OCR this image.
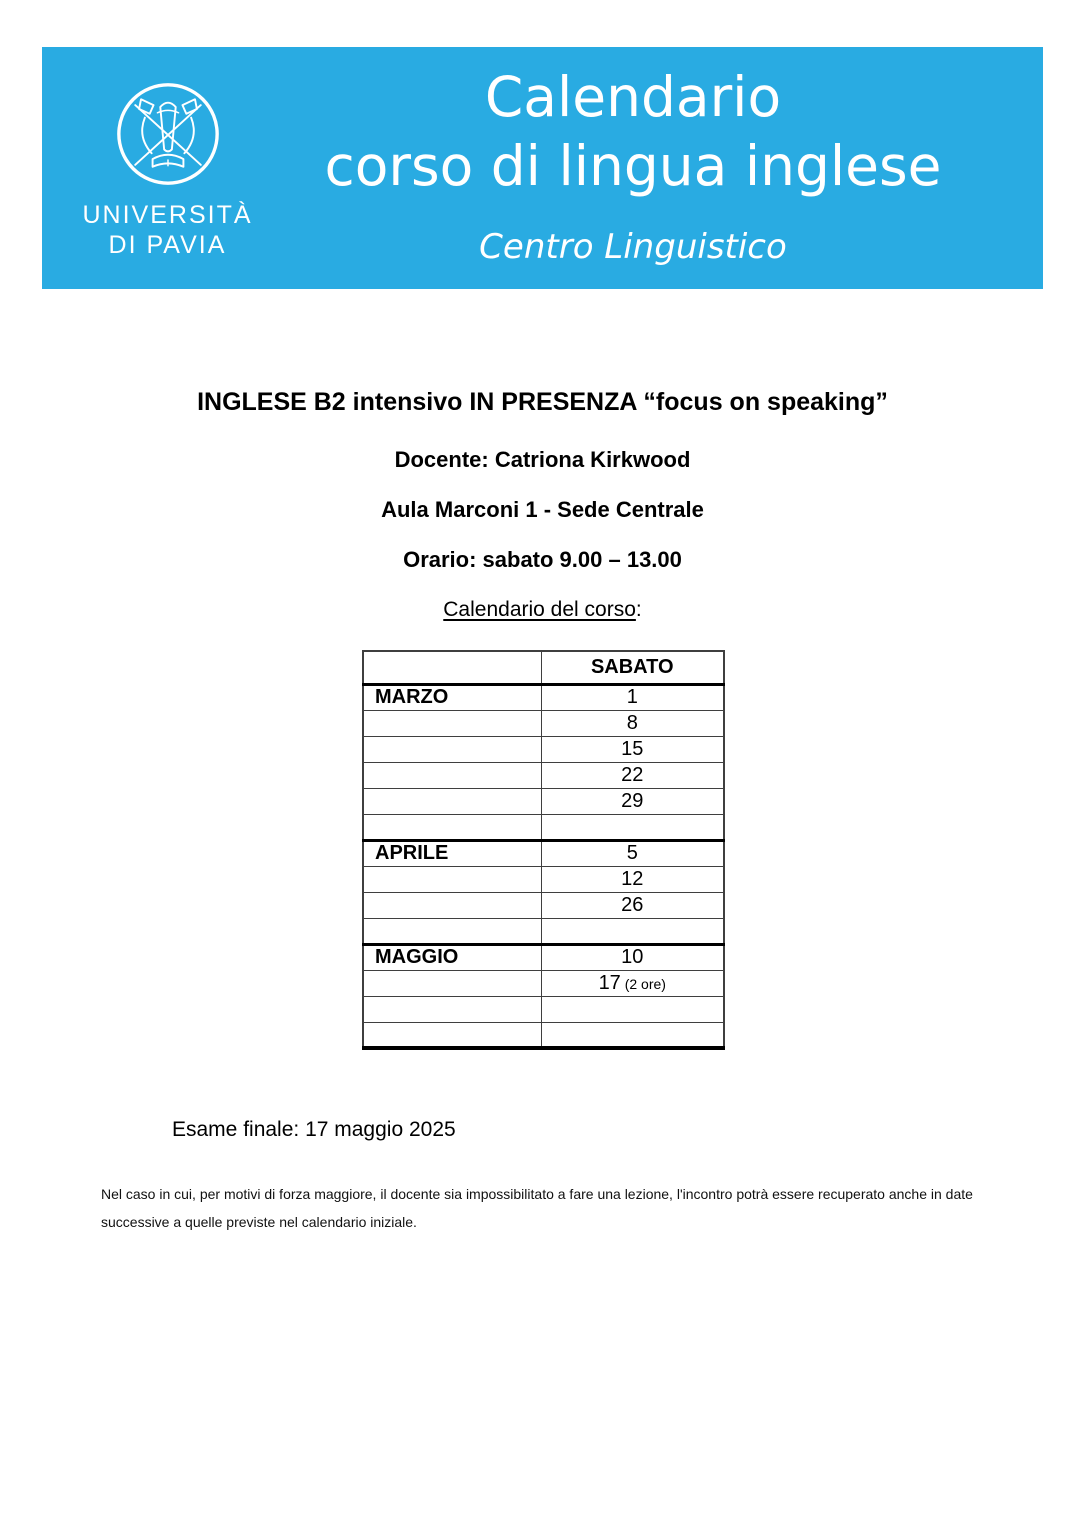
UNIVERSITÀ
DI PAVIA
Calendario
corso di lingua inglese
Centro Linguistico
INGLESE B2 intensivo IN PRESENZA “focus on speaking”
Docente: Catriona Kirkwood
Aula Marconi 1 - Sede Centrale
Orario: sabato 9.00 – 13.00
Calendario del corso:
	SABATO
MARZO	1
	8
	15
	22
	29

APRILE	5
	12
	26

MAGGIO	10
	17 (2 ore)

Esame finale: 17 maggio 2025
Nel caso in cui, per motivi di forza maggiore, il docente sia impossibilitato a fare una lezione, l'incontro potrà essere recuperato anche in date successive a quelle previste nel calendario iniziale.
